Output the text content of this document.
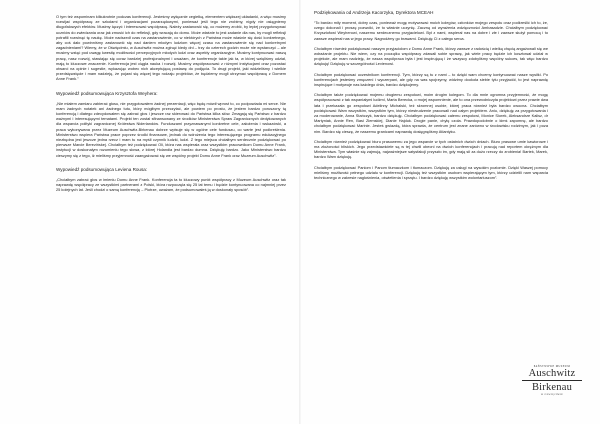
O tym też wspominam kilkukrotnie podczas konferencji. Jesteśmy wyłącznie cegiełką, elementem większej układanki, a więc musimy rozwijać współpracę ze szkołami i organizacjami pozarządowymi, ponieważ jeśli tego nie zrobimy, nigdy nie osiągniemy długofalowych efektów. Musimy łączyć i interesować współpracę. Należy zastanowić się, co możemy zrobić, by lepiej przygotowywać uczniów do zwiedzania oraz jak zmusić ich do refleksji, gdy wracają do domu. Może właśnie to jest zadanie dla nas, by mogli refleksji potrafili rozwinąć tę naukę. Może nadszedł czas na zastanowienie, co w niektórych z Państwa może właśnie się dość konkretnego, aby coś dało powinniśmy zastanowić się nad daniem młodym ludziom więcej czasu na zastanowienie się nad konkretnymi zagadnieniami? Wiemy, że w Oświęcimiu, w Auschwitz można zginąć kiedy dni – trzy do czterech godzin może nie wystarczyć – ale musimy wziąć pod uwagę kwestię możliwości percepcyjnych młodych ludzi oraz aspekty organizacyjne. Musimy kontynuować naszą pracę, nasz rozwój, stawiając się coraz bardziej profesjonalnymi i uważam, że konferencje takie jak ta, w której wzięliśmy udział, mają to kluczowe znaczenie. Konferencja jest ciągła nauka i rozwój. Musimy współpracować z różnymi instytucjami oraz pozostać otwarci na opinie i sugestie, wykazując wobec nich akceptującą postawę do podjęcia. To drugi projekt, jaki widzieliśmy i wielkie przedsięwzięcie i mam nadzieję, że pojawi się więcej tego rodzaju projektów, że będziemy mogli utrzymać współpracę z Domem Anne Frank.”

Wypowiedź podsumowująca Krzysztofa Weyhera:

„Nie miałem zamiaru zabierać głosu, nie przygotowałem żadnej prezentacji, więc będę mówił wprost to, co podpowiada mi serce. Nie mam żadnych notatek ani żadnego tutu, który mógłbym przeczytać, ale powiem po prostu, że jestem bardzo poruszony tą konferencją i dlatego zdecydowałem się zabrać głos i jeszcze raz skierować do Państwa kilka słów. Zmagają się Państwo z bardzo ważnymi i interesującymi tematami. Projekt ten został sfinansowany ze środków Ministerstwa Spraw Zagranicznych dedykowanych dla wsparcia polityki zagranicznej Królestwa Niderlandów. Funduszami przyznawanymi konkretne cele, założenia i wskazówki, a praca wykonywana przez Muzeum Auschwitz-Birkenau dobrze wpisuje się w ogólne cele funduszu, co warte jest podkreślenia. Ministerstwo wspiera Państwa prace poprzez środki finansowe, jednak do wdrożenia tego interesującego programu edukacyjnego niezbędna jest jeszcze jedna rzecz i mam tu na myśli czynnik ludzki, ludzi. Z tego miejsca chciałbym serdecznie podziękować po pierwsze Marcie Berezińskej. Chciałbym też podziękować Oli, która nas wspierała oraz wszystkim pracownikom Domu Anne Frank, instytucji w doskonałym rozumieniu tego słowa, z której Holandia jest bardzo dumna. Dziękuję bardzo. Jako Ministerstwo bardzo cieszymy się z tego, iż mieliśmy przyjemność zaangażować się we wspólny projekt Domu Anne Frank oraz Muzeum Auschwitz”.

Wypowiedź podsumowująca Leviena Rousa:

„Chciałbym zabrać głos w imieniu Domu Anne Frank. Konferencja ta to kluczowy punkt współpracy z Muzeum Auschwitz oraz tak naprawdę współpracy ze wszystkimi partnerami z Polski, która rozpoczęła się 25 lat temu i będzie kontynuowana co najmniej przez 25 kolejnych lat. Jeśli chodzi o samą konferencję – Piotrze, uważam, że podsumowałeś ją w doskonały sposób”.

Podziękowania od Andrzeja Kacorzyka, Dyrektora MCEAH

“To bardzo miły moment, dobry czas, ponieważ mogę motywować moich kolegów, członków mojego zespołu oraz podkreślić ich to, że, czego dokonali i proszę pozwolić, że to właśnie uczynię. Zaczną od wyrażenia wdzięczności Ambasadzie. Chciałbym podziękować Krzysztofowi Weyherowi, naszemu serdecznemu przyjacielowi. Był z nami, wspierał nas na dobre i złe i zawsze służył pomocą i to zawsze wspierał nas w jego pracy. Nagrodźmy go brawami. Dziękuję Ci z całego serca.

Chciałbym również podziękować naszym przyjaciołom z Domu Anne Frank, którzy zawsze z radością i wielką chęcią angażowali się we wdrażanie projektu. Nie wiem, czy na początku współpracy zdawali sobie sprawę, jak wiele pracy będzie ich kosztował udział w projekcie, ale mam nadzieję, że nasza współpraca była i jest inspirującą i że wszyscy zdobyliśmy wspólny sukces, tak więc bardzo dziękuję! Dziękuję w szczególności Levienowi.

Chciałbym podziękować uczestnikom konferencji. Tym, którzy są tu z nami – to dzięki wam chcemy kontynuować nasze wysiłki. Po konferencjach jesteśmy zmęczeni i wyczerpani, ale gdy na was spojrzymy, widzimy dookoła siebie tylu przyjaciół, to jest naprawdę inspirujące i motywuje nas każdego dnia, bardzo dziękujemy.

Chciałbym także podziękować mojemu drugiemu zespołowi, moim drogim kolegom. To dla mnie ogromna przyjemność, że mogę współpracować z tak wspaniałymi ludźmi, Marta Berecka, o mojej wspomnienie, ale to ona przewodniczyła projektowi przez prawie dwa lata i przekazała go zespołowi Adelinny Michalski, też skromnej osobie, której praca również była bardzo owocna. Chciałbym podziękować Wam wszystkim, wszystkim tym, którzy niestrudzenie pracowali nad całym projektem. Aniu, dziękuję za przygotowania i za moderowanie, Anna Stańczyk, bardzo dziękuję. Chciałbym podziękować całemu zespołowi, Monice Siorek, Aleksandrze Kalisz, dr Martyniak, Annie Ren, Basi Ziemskiej, Dianie Hajduk. Drogie panie, chylę czoła. Prawdopodobnie o kimś zapomnę, ale bardzo chciałbym podziękować Marinie. Jesteś gwiazdą, która sprawia, że centrum jest znane zarówno w środowisku rodzimym, jak i poza nim. Bardzo się cieszę, że naszemu granicami naprawdę dosięgnęliśmy Atlantyku.

Chciałbym również podziękować biuru prasowemu za jego wsparcie w tych ostatnich dwóch dniach. Biuro prasowe umie kawiorowe i ma złożoności bliskich. Jego przedstawiciele są w tej chwili obecni na dwóch konferencjach i pracują nad reportem okrężnym dla Ministerstwa. Tym właśnie się zajmują, najważniejsze satysfakcji przyszło im, gdy mają sił za dużo rzeczy do zrobienia! Bartek, Marek, bardzo Wam dziękuję.

Chciałbym podziękować Paniom i Panom tłumaczkom i tłumaczom. Dziękuję za usługi na wysokim poziomie. Dzięki Waszej pomocy mieliśmy możliwość pełnego udziału w konferencji. Dziękuję też wszystkim osobom wspierającym tym, którzy udzielili nam wsparcia technicznego w zakresie nagłośnienia, oświetlenia i sprzętu. I bardzo dziękuję wszystkim wolontariuszom”.

PAŃSTWOWE MUZEUM
Auschwitz
Birkenau
W OŚWIĘCIMIU
